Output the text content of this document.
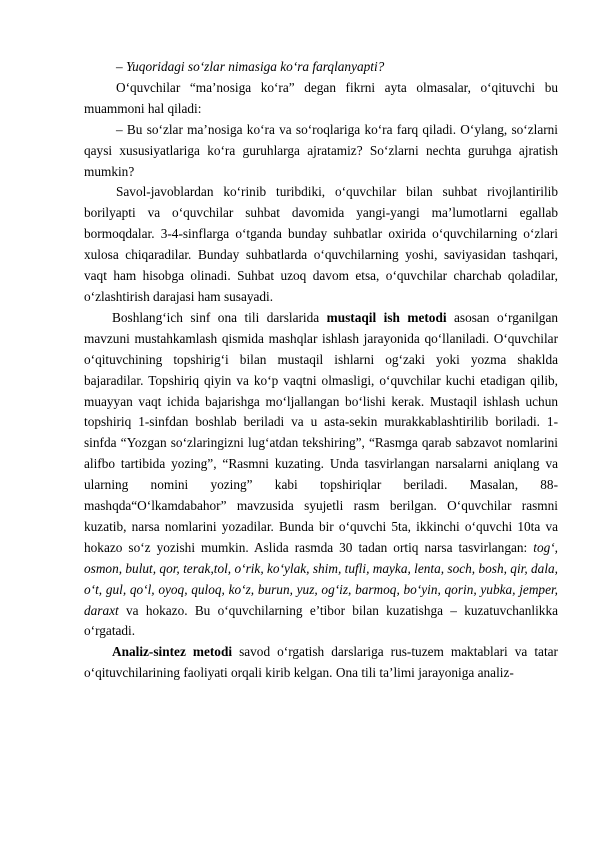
– Yuqoridagi so‘zlar nimasiga ko‘ra farqlanyapti?

O‘quvchilar “ma’nosiga ko‘ra” degan fikrni ayta olmasalar, o‘qituvchi bu muammoni hal qiladi:

– Bu so‘zlar ma’nosiga ko‘ra va so‘roqlariga ko‘ra farq qiladi. O‘ylang, so‘zlarni qaysi xususiyatlariga ko‘ra guruhlarga ajratamiz? So‘zlarni nechta guruhga ajratish mumkin?

Savol-javoblardan ko‘rinib turibdiki, o‘quvchilar bilan suhbat rivojlantirilib borilyapti va o‘quvchilar suhbat davomida yangi-yangi ma’lumotlarni egallab bormoqdalar. 3-4-sinflarga o‘tganda bunday suhbatlar oxirida o‘quvchilarning o‘zlari xulosa chiqaradilar. Bunday suhbatlarda o‘quvchilarning yoshi, saviyasidan tashqari, vaqt ham hisobga olinadi. Suhbat uzoq davom etsa, o‘quvchilar charchab qoladilar, o‘zlashtirish darajasi ham susayadi.

Boshlang‘ich sinf ona tili darslarida mustaqil ish metodi asosan o‘rganilgan mavzuni mustahkamlash qismida mashqlar ishlash jarayonida qo‘llaniladi. O‘quvchilar o‘qituvchining topshirig‘i bilan mustaqil ishlarni og‘zaki yoki yozma shaklda bajaradilar. Topshiriq qiyin va ko‘p vaqtni olmasligi, o‘quvchilar kuchi etadigan qilib, muayyan vaqt ichida bajarishga mo‘ljallangan bo‘lishi kerak. Mustaqil ishlash uchun topshiriq 1-sinfdan boshlab beriladi va u asta-sekin murakkablashtirilib boriladi. 1-sinfda “Yozgan so‘zlaringizni lug‘atdan tekshiring”, “Rasmga qarab sabzavot nomlarini alifbo tartibida yozing”, “Rasmni kuzating. Unda tasvirlangan narsalarni aniqlang va ularning nomini yozing” kabi topshiriqlar beriladi. Masalan, 88- mashqda“O‘lkamdabahor” mavzusida syujetli rasm berilgan. O‘quvchilar rasmni kuzatib, narsa nomlarini yozadilar. Bunda bir o‘quvchi 5ta, ikkinchi o‘quvchi 10ta va hokazo so‘z yozishi mumkin. Aslida rasmda 30 tadan ortiq narsa tasvirlangan: tog‘, osmon, bulut, qor, terak,tol, o‘rik, ko‘ylak, shim, tufli, mayka, lenta, soch, bosh, qir, dala, o‘t, gul, qo‘l, oyoq, quloq, ko‘z, burun, yuz, og‘iz, barmoq, bo‘yin, qorin, yubka, jemper, daraxt va hokazo. Bu o‘quvchilarning e’tibor bilan kuzatishga – kuzatuvchanlikka o‘rgatadi.

Analiz-sintez metodi savod o‘rgatish darslariga rus-tuzem maktablari va tatar o‘qituvchilarining faoliyati orqali kirib kelgan. Ona tili ta’limi jarayoniga analiz-
